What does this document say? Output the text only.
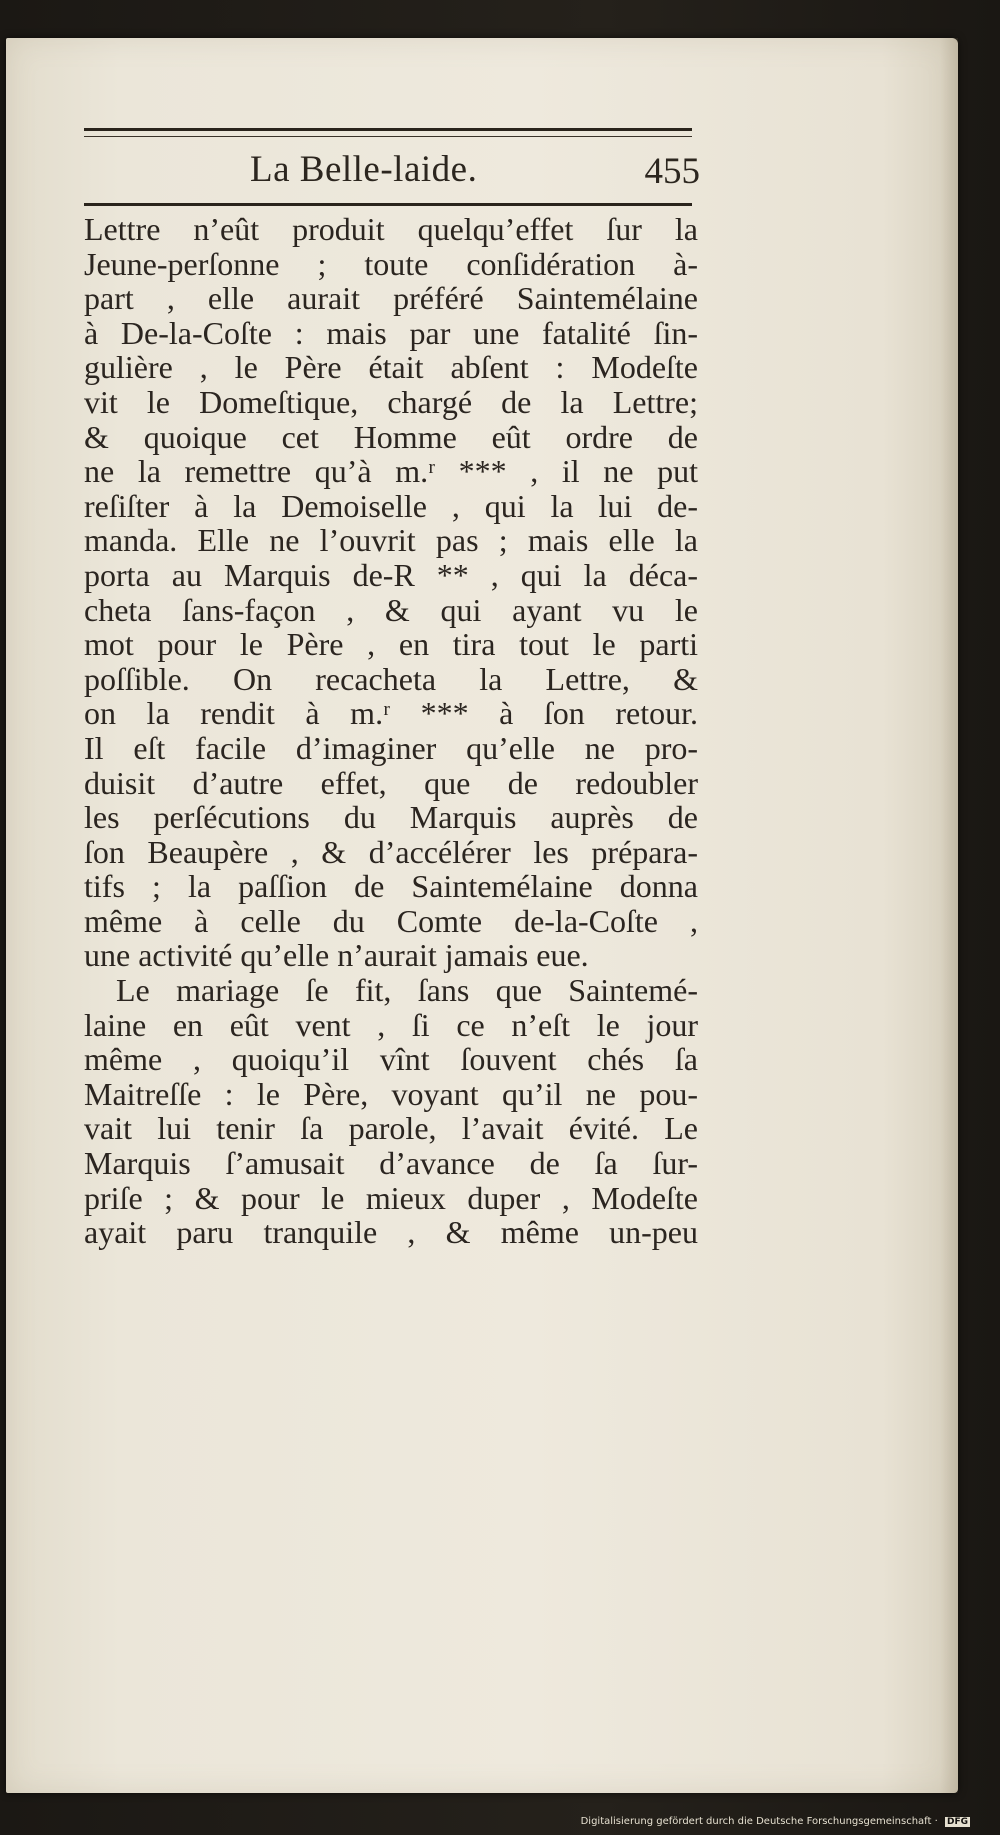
La Belle-laide.	455
Lettre n’eût produit quelqu’effet ſur la
Jeune-perſonne ; toute conſidération à-
part , elle aurait préféré Saintemélaine
à De-la-Coſte : mais par une fatalité ſin-
gulière , le Père était abſent : Modeſte
vit le Domeſtique, chargé de la Lettre;
& quoique cet Homme eût ordre de
ne la remettre qu’à m.ʳ *** , il ne put
reſiſter à la Demoiselle , qui la lui de-
manda. Elle ne l’ouvrit pas ; mais elle la
porta au Marquis de-R ** , qui la déca-
cheta ſans-façon , & qui ayant vu le
mot pour le Père , en tira tout le parti
poſſible. On recacheta la Lettre, &
on la rendit à m.ʳ *** à ſon retour.
Il eſt facile d’imaginer qu’elle ne pro-
duisit d’autre effet, que de redoubler
les perſécutions du Marquis auprès de
ſon Beaupère , & d’accélérer les prépara-
tifs ; la paſſion de Saintemélaine donna
même à celle du Comte de-la-Coſte ,
une activité qu’elle n’aurait jamais eue.
Le mariage ſe fit, ſans que Saintemé-
laine en eût vent , ſi ce n’eſt le jour
même , quoiqu’il vînt ſouvent chés ſa
Maitreſſe : le Père, voyant qu’il ne pou-
vait lui tenir ſa parole, l’avait évité. Le
Marquis ſ’amusait d’avance de ſa ſur-
priſe ; & pour le mieux duper , Modeſte
ayait paru tranquile , & même un-peu
Digitalisierung gefördert durch die Deutsche Forschungsgemeinschaft · DFG
